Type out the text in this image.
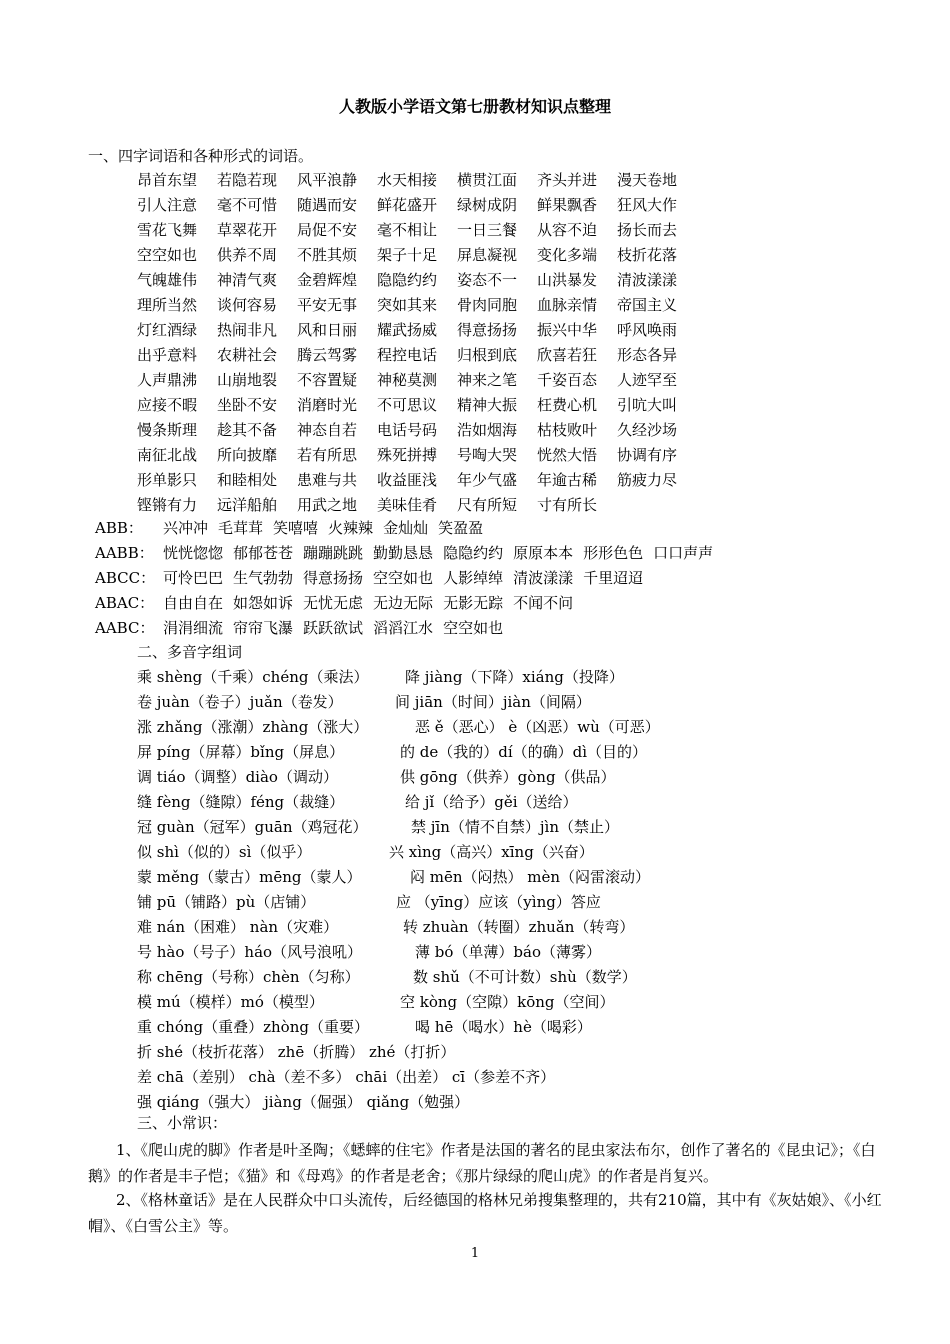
人教版小学语文第七册教材知识点整理
一、四字词语和各种形式的词语。
昂首东望 若隐若现 风平浪静 水天相接 横贯江面 齐头并进 漫天卷地
引人注意 毫不可惜 随遇而安 鲜花盛开 绿树成阴 鲜果飘香 狂风大作
雪花飞舞 草翠花开 局促不安 毫不相让 一日三餐 从容不迫 扬长而去
空空如也 供养不周 不胜其烦 架子十足 屏息凝视 变化多端 枝折花落
气魄雄伟 神清气爽 金碧辉煌 隐隐约约 姿态不一 山洪暴发 清波漾漾
理所当然 谈何容易 平安无事 突如其来 骨肉同胞 血脉亲情 帝国主义
灯红酒绿 热闹非凡 风和日丽 耀武扬威 得意扬扬 振兴中华 呼风唤雨
出乎意料 农耕社会 腾云驾雾 程控电话 归根到底 欣喜若狂 形态各异
人声鼎沸 山崩地裂 不容置疑 神秘莫测 神来之笔 千姿百态 人迹罕至
应接不暇 坐卧不安 消磨时光 不可思议 精神大振 枉费心机 引吭大叫
慢条斯理 趁其不备 神态自若 电话号码 浩如烟海 枯枝败叶 久经沙场
南征北战 所向披靡 若有所思 殊死拼搏 号啕大哭 恍然大悟 协调有序
形单影只 和睦相处 患难与共 收益匪浅 年少气盛 年逾古稀 筋疲力尽
铿锵有力 远洋船舶 用武之地 美味佳肴 尺有所短 寸有所长
ABB： 兴冲冲 毛茸茸 笑嘻嘻 火辣辣 金灿灿 笑盈盈
AABB： 恍恍惚惚 郁郁苍苍 蹦蹦跳跳 勤勤恳恳 隐隐约约 原原本本 形形色色 口口声声
ABCC： 可怜巴巴 生气勃勃 得意扬扬 空空如也 人影绰绰 清波漾漾 千里迢迢
ABAC： 自由自在 如怨如诉 无忧无虑 无边无际 无影无踪 不闻不问
AABC： 涓涓细流 帘帘飞瀑 跃跃欲试 滔滔江水 空空如也
二、多音字组词
乘 shèng（千乘）chéng（乘法） 降 jiàng（下降）xiáng（投降）
卷 juàn（卷子）juǎn（卷发）	间 jiān（时间）jiàn（间隔）
涨 zhǎng（涨潮）zhàng（涨大）	恶 ě（恶心） è（凶恶）wù（可恶）
屏 píng（屏幕）bǐng（屏息）	的 de（我的）dí（的确）dì（目的）
调 tiáo（调整）diào（调动）	供 gōng（供养）gòng（供品）
缝 fèng（缝隙）féng（裁缝）	给 jǐ（给予）gěi（送给）
冠 guàn（冠军）guān（鸡冠花）	禁 jīn（情不自禁）jìn（禁止）
似 shì（似的）sì（似乎）	兴 xìng（高兴）xīng（兴奋）
蒙 měng（蒙古）mēng（蒙人）	闷 mēn（闷热） mèn（闷雷滚动）
铺 pū（铺路）pù（店铺）	应 （yīng）应该（yìng）答应
难 nán（困难） nàn（灾难）	转 zhuàn（转圈）zhuǎn（转弯）
号 hào（号子）háo（风号浪吼）	薄 bó（单薄）báo（薄雾）
称 chēng（号称）chèn（匀称）	数 shǔ（不可计数）shù（数学）
模 mú（模样）mó（模型）	空 kòng（空隙）kōng（空间）
重 chóng（重叠）zhòng（重要）	喝 hē（喝水）hè（喝彩）
折 shé（枝折花落） zhē（折腾） zhé（打折）
差 chā（差别） chà（差不多） chāi（出差） cī（参差不齐）
强 qiáng（强大） jiàng（倔强） qiǎng（勉强）
三、小常识：
1、《爬山虎的脚》作者是叶圣陶；《蟋蟀的住宅》作者是法国的著名的昆虫家法布尔，创作了著名的《昆虫记》；《白鹅》的作者是丰子恺；《猫》和《母鸡》的作者是老舍；《那片绿绿的爬山虎》的作者是肖复兴。
2、《格林童话》是在人民群众中口头流传，后经德国的格林兄弟搜集整理的，共有210篇，其中有《灰姑娘》、《小红帽》、《白雪公主》等。
1
